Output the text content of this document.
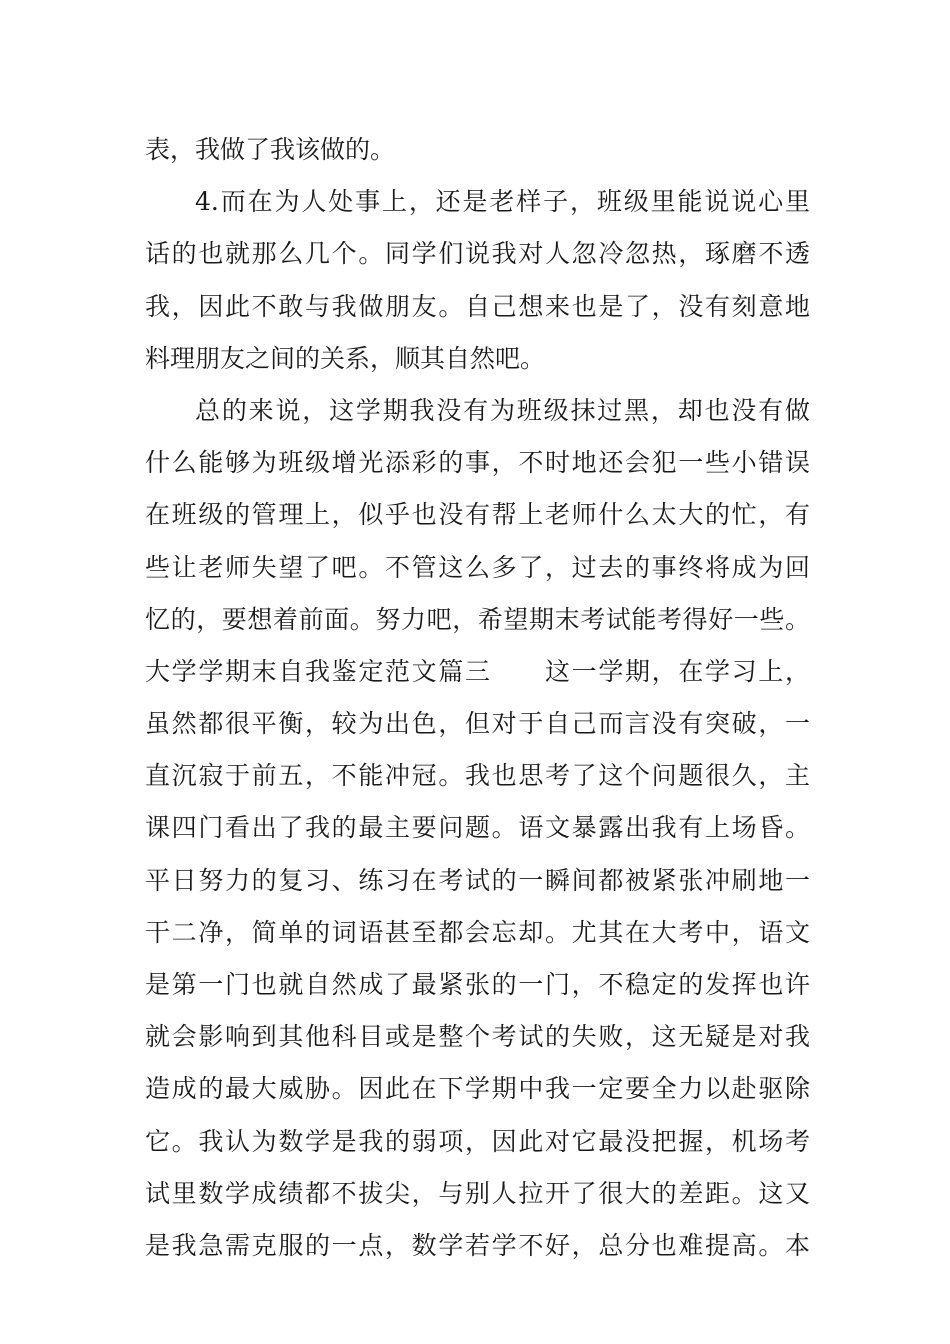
表，我做了我该做的。
4.而在为人处事上，还是老样子，班级里能说说心里
话的也就那么几个。同学们说我对人忽冷忽热，琢磨不透
我，因此不敢与我做朋友。自己想来也是了，没有刻意地
料理朋友之间的关系，顺其自然吧。
总的来说，这学期我没有为班级抹过黑，却也没有做
什么能够为班级增光添彩的事，不时地还会犯一些小错误
在班级的管理上，似乎也没有帮上老师什么太大的忙，有
些让老师失望了吧。不管这么多了，过去的事终将成为回
忆的，要想着前面。努力吧，希望期末考试能考得好一些。
大学学期末自我鉴定范文篇三　　这一学期，在学习上，
虽然都很平衡，较为出色，但对于自己而言没有突破，一
直沉寂于前五，不能冲冠。我也思考了这个问题很久，主
课四门看出了我的最主要问题。语文暴露出我有上场昏。
平日努力的复习、练习在考试的一瞬间都被紧张冲刷地一
干二净，简单的词语甚至都会忘却。尤其在大考中，语文
是第一门也就自然成了最紧张的一门，不稳定的发挥也许
就会影响到其他科目或是整个考试的失败，这无疑是对我
造成的最大威胁。因此在下学期中我一定要全力以赴驱除
它。我认为数学是我的弱项，因此对它最没把握，机场考
试里数学成绩都不拔尖，与别人拉开了很大的差距。这又
是我急需克服的一点，数学若学不好，总分也难提高。本
